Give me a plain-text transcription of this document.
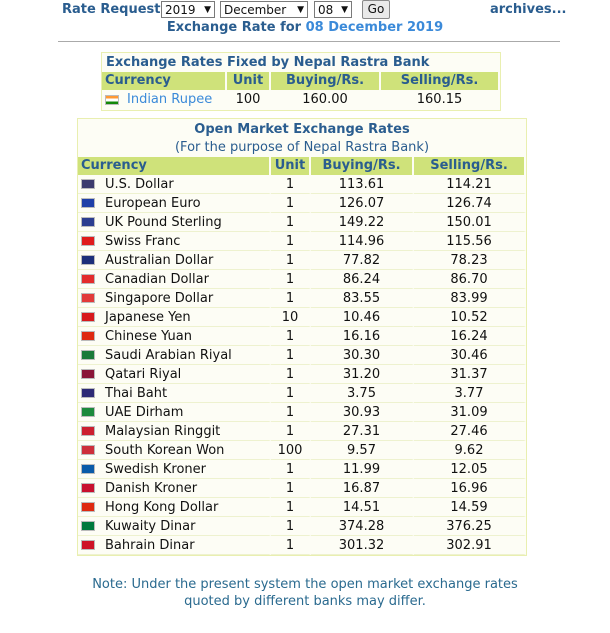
Rate Request 2019 ▼	December ▼	08 ▼	Go	archives...
Exchange Rate for 08 December 2019
Exchange Rates Fixed by Nepal Rastra Bank
Currency	Unit	Buying/Rs.	Selling/Rs.
Indian Rupee	100	160.00	160.15
Open Market Exchange Rates
(For the purpose of Nepal Rastra Bank)
Currency	Unit	Buying/Rs.	Selling/Rs.
U.S. Dollar	1	113.61	114.21
European Euro	1	126.07	126.74
UK Pound Sterling	1	149.22	150.01
Swiss Franc	1	114.96	115.56
Australian Dollar	1	77.82	78.23
Canadian Dollar	1	86.24	86.70
Singapore Dollar	1	83.55	83.99
Japanese Yen	10	10.46	10.52
Chinese Yuan	1	16.16	16.24
Saudi Arabian Riyal	1	30.30	30.46
Qatari Riyal	1	31.20	31.37
Thai Baht	1	3.75	3.77
UAE Dirham	1	30.93	31.09
Malaysian Ringgit	1	27.31	27.46
South Korean Won	100	9.57	9.62
Swedish Kroner	1	11.99	12.05
Danish Kroner	1	16.87	16.96
Hong Kong Dollar	1	14.51	14.59
Kuwaity Dinar	1	374.28	376.25
Bahrain Dinar	1	301.32	302.91
Note: Under the present system the open market exchange rates
quoted by different banks may differ.
